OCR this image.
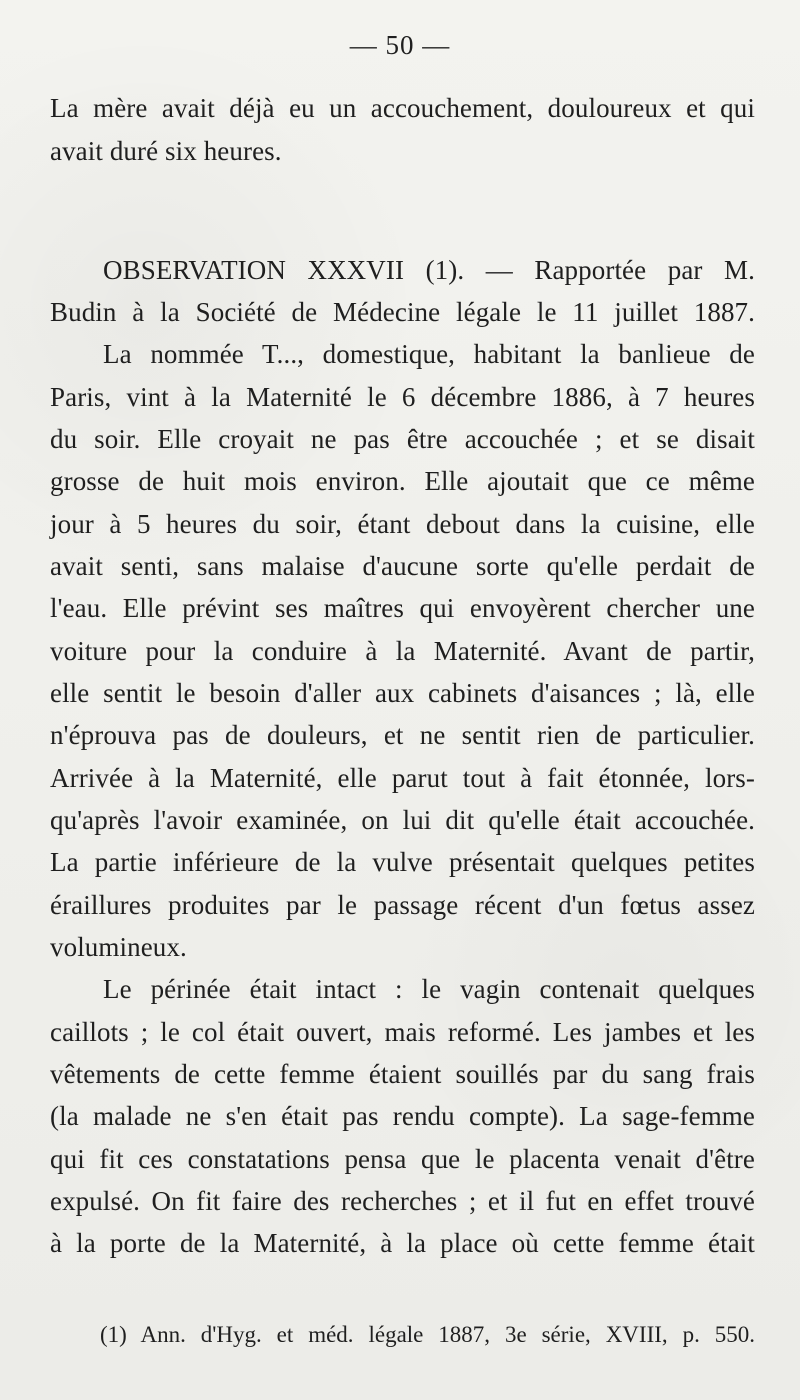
— 50 —
La mère avait déjà eu un accouchement, douloureux et qui
avait duré six heures.
OBSERVATION XXXVII (1). — Rapportée par M.
Budin à la Société de Médecine légale le 11 juillet 1887.
La nommée T..., domestique, habitant la banlieue de
Paris, vint à la Maternité le 6 décembre 1886, à 7 heures
du soir. Elle croyait ne pas être accouchée ; et se disait
grosse de huit mois environ. Elle ajoutait que ce même
jour à 5 heures du soir, étant debout dans la cuisine, elle
avait senti, sans malaise d'aucune sorte qu'elle perdait de
l'eau. Elle prévint ses maîtres qui envoyèrent chercher une
voiture pour la conduire à la Maternité. Avant de partir,
elle sentit le besoin d'aller aux cabinets d'aisances ; là, elle
n'éprouva pas de douleurs, et ne sentit rien de particulier.
Arrivée à la Maternité, elle parut tout à fait étonnée, lors-
qu'après l'avoir examinée, on lui dit qu'elle était accouchée.
La partie inférieure de la vulve présentait quelques petites
éraillures produites par le passage récent d'un fœtus assez
volumineux.
Le périnée était intact : le vagin contenait quelques
caillots ; le col était ouvert, mais reformé. Les jambes et les
vêtements de cette femme étaient souillés par du sang frais
(la malade ne s'en était pas rendu compte). La sage-femme
qui fit ces constatations pensa que le placenta venait d'être
expulsé. On fit faire des recherches ; et il fut en effet trouvé
à la porte de la Maternité, à la place où cette femme était
(1) Ann. d'Hyg. et méd. légale 1887, 3e série, XVIII, p. 550.
